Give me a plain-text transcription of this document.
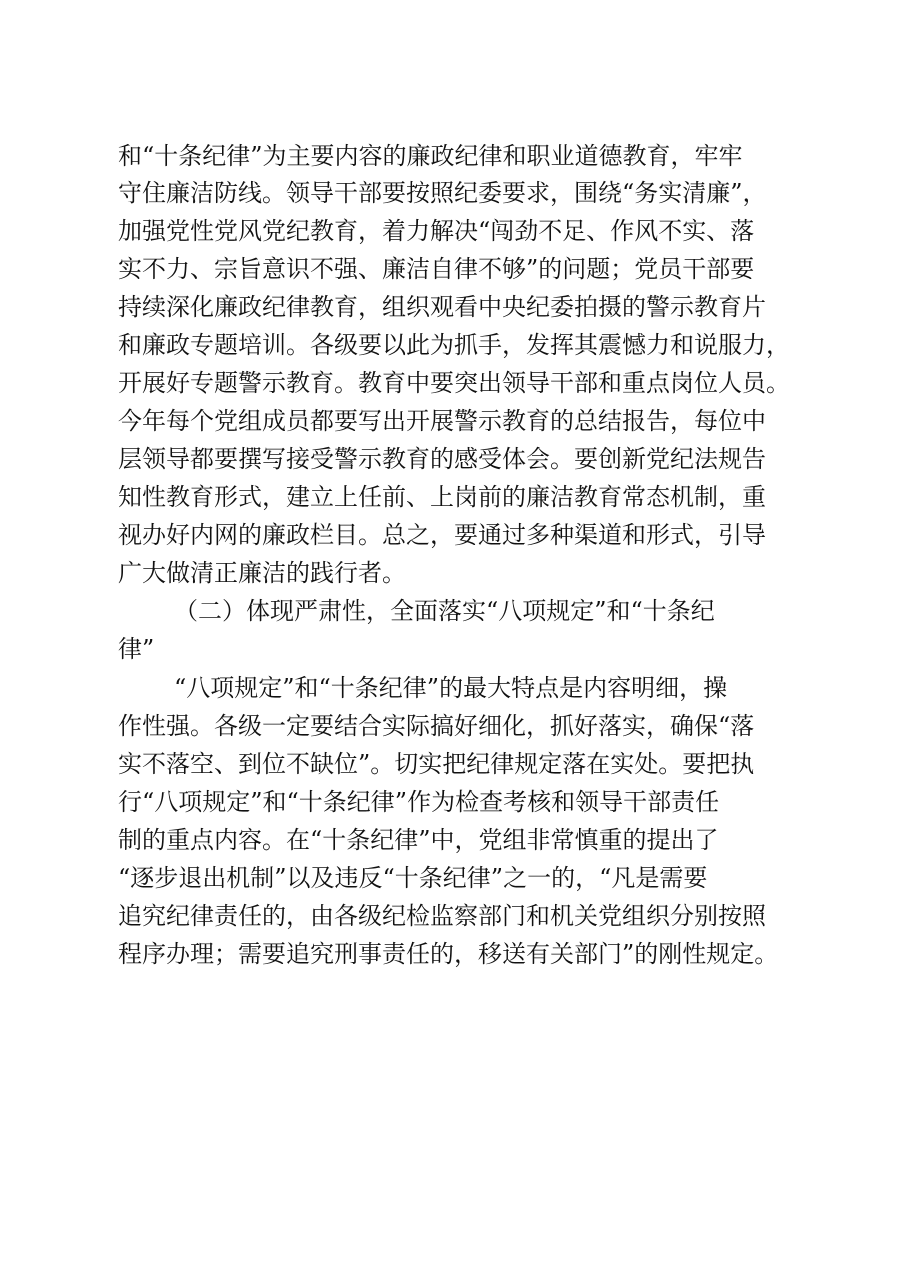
和“十条纪律”为主要内容的廉政纪律和职业道德教育，牢牢
守住廉洁防线。领导干部要按照纪委要求，围绕“务实清廉”，
加强党性党风党纪教育，着力解决“闯劲不足、作风不实、落
实不力、宗旨意识不强、廉洁自律不够”的问题；党员干部要
持续深化廉政纪律教育，组织观看中央纪委拍摄的警示教育片
和廉政专题培训。各级要以此为抓手，发挥其震憾力和说服力，
开展好专题警示教育。教育中要突出领导干部和重点岗位人员。
今年每个党组成员都要写出开展警示教育的总结报告，每位中
层领导都要撰写接受警示教育的感受体会。要创新党纪法规告
知性教育形式，建立上任前、上岗前的廉洁教育常态机制，重
视办好内网的廉政栏目。总之，要通过多种渠道和形式，引导
广大做清正廉洁的践行者。
（二）体现严肃性，全面落实“八项规定”和“十条纪
律”
“八项规定”和“十条纪律”的最大特点是内容明细，操
作性强。各级一定要结合实际搞好细化，抓好落实，确保“落
实不落空、到位不缺位”。切实把纪律规定落在实处。要把执
行“八项规定”和“十条纪律”作为检查考核和领导干部责任
制的重点内容。在“十条纪律”中，党组非常慎重的提出了
“逐步退出机制”以及违反“十条纪律”之一的，“凡是需要
追究纪律责任的，由各级纪检监察部门和机关党组织分别按照
程序办理；需要追究刑事责任的，移送有关部门”的刚性规定。
